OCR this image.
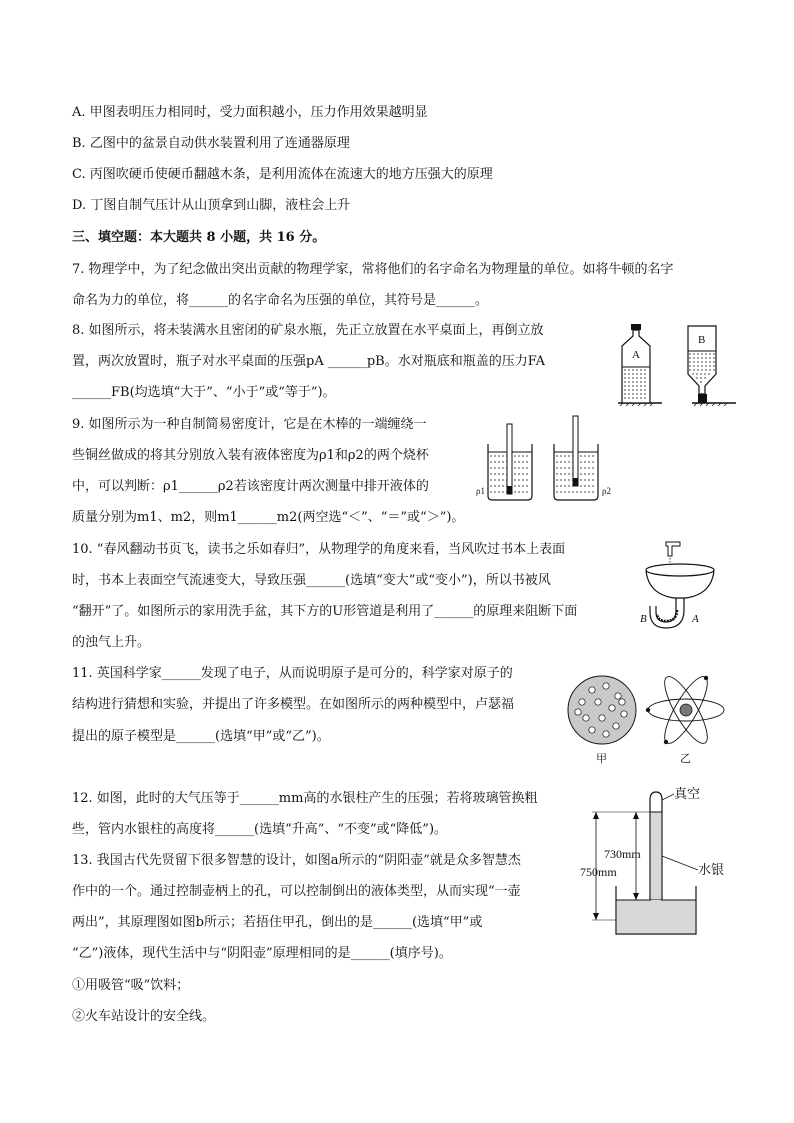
A. 甲图表明压力相同时，受力面积越小，压力作用效果越明显
B. 乙图中的盆景自动供水装置利用了连通器原理
C. 丙图吹硬币使硬币翻越木条，是利用流体在流速大的地方压强大的原理
D. 丁图自制气压计从山顶拿到山脚，液柱会上升
三、填空题：本大题共 8 小题，共 16 分。
7. 物理学中，为了纪念做出突出贡献的物理学家，常将他们的名字命名为物理量的单位。如将牛顿的名字
命名为力的单位，将______的名字命名为压强的单位，其符号是______。
8. 如图所示，将未装满水且密闭的矿泉水瓶，先正立放置在水平桌面上，再倒立放
置，两次放置时，瓶子对水平桌面的压强pA ______pB。水对瓶底和瓶盖的压力FA
______FB(均选填“大于”、“小于”或“等于”)。
9. 如图所示为一种自制简易密度计，它是在木棒的一端缠绕一
些铜丝做成的将其分别放入装有液体密度为ρ1和ρ2的两个烧杯
中，可以判断：ρ1______ρ2若该密度计两次测量中排开液体的
质量分别为m1、m2，则m1______m2(两空选“＜”、“＝”或“＞”)。
10. “春风翻动书页飞，读书之乐如春归”，从物理学的角度来看，当风吹过书本上表面
时，书本上表面空气流速变大，导致压强______(选填“变大”或“变小”)，所以书被风
“翻开”了。如图所示的家用洗手盆，其下方的U形管道是利用了______的原理来阻断下面
的浊气上升。
11. 英国科学家______发现了电子，从而说明原子是可分的，科学家对原子的
结构进行猜想和实验，并提出了许多模型。在如图所示的两种模型中，卢瑟福
提出的原子模型是______(选填“甲”或“乙”)。
12. 如图，此时的大气压等于______mm高的水银柱产生的压强；若将玻璃管换粗
些，管内水银柱的高度将______(选填“升高”、“不变”或“降低”)。
13. 我国古代先贤留下很多智慧的设计，如图a所示的“阴阳壶”就是众多智慧杰
作中的一个。通过控制壶柄上的孔，可以控制倒出的液体类型，从而实现“一壶
两出”，其原理图如图b所示；若捂住甲孔，倒出的是______(选填“甲”或
“乙”)液体，现代生活中与“阴阳壶”原理相同的是______(填序号)。
①用吸管“吸”饮料；
②火车站设计的安全线。
A
B
ρ1	ρ2
B	A
甲	乙
真空
水银
730mm
750mm
